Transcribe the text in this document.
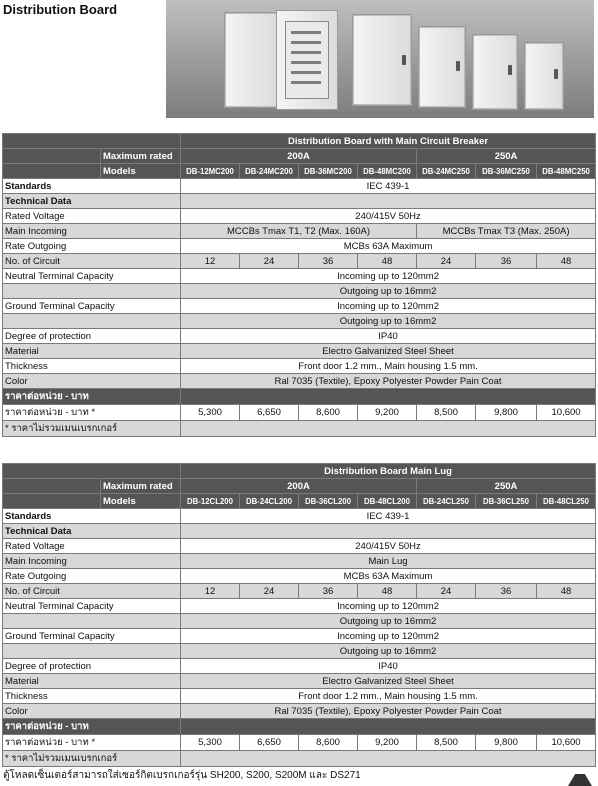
Distribution Board
		Distribution Board with Main Circuit Breaker						
	Maximum rated	200A				250A		
	Models	DB-12MC200	DB-24MC200	DB-36MC200	DB-48MC200	DB-24MC250	DB-36MC250	DB-48MC250
Standards		IEC 439-1						
Technical Data								
Rated Voltage		240/415V 50Hz						
Main Incoming		MCCBs Tmax T1, T2 (Max. 160A)				MCCBs Tmax T3 (Max. 250A)		
Rate Outgoing		MCBs 63A Maximum						
No. of Circuit		12	24	36	48	24	36	48
Neutral Terminal Capacity		Incoming up to 120mm2						
		Outgoing up to 16mm2						
Ground Terminal Capacity		Incoming up to 120mm2						
		Outgoing up to 16mm2						
Degree of protection		IP40						
Material		Electro Galvanized Steel Sheet						
Thickness		Front door 1.2 mm., Main housing 1.5 mm.						
Color		Ral 7035 (Textile), Epoxy Polyester Powder Pain Coat						
ราคาต่อหน่วย - บาท								
ราคาต่อหน่วย - บาท *		5,300	6,650	8,600	9,200	8,500	9,800	10,600
* ราคาไม่รวมเมนเบรกเกอร์								
		Distribution Board Main Lug						
	Maximum rated	200A				250A		
	Models	DB-12CL200	DB-24CL200	DB-36CL200	DB-48CL200	DB-24CL250	DB-36CL250	DB-48CL250
Standards		IEC 439-1						
Technical Data								
Rated Voltage		240/415V 50Hz						
Main Incoming		Main Lug						
Rate Outgoing		MCBs 63A Maximum						
No. of Circuit		12	24	36	48	24	36	48
Neutral Terminal Capacity		Incoming up to 120mm2						
		Outgoing up to 16mm2						
Ground Terminal Capacity		Incoming up to 120mm2						
		Outgoing up to 16mm2						
Degree of protection		IP40						
Material		Electro Galvanized Steel Sheet						
Thickness		Front door 1.2 mm., Main housing 1.5 mm.						
Color		Ral 7035 (Textile), Epoxy Polyester Powder Pain Coat						
ราคาต่อหน่วย - บาท								
ราคาต่อหน่วย - บาท *		5,300	6,650	8,600	9,200	8,500	9,800	10,600
* ราคาไม่รวมเมนเบรกเกอร์								
ตู้โหลดเซ็นเตอร์สามารถใส่เซอร์กิตเบรกเกอร์รุ่น SH200, S200, S200M และ DS271
